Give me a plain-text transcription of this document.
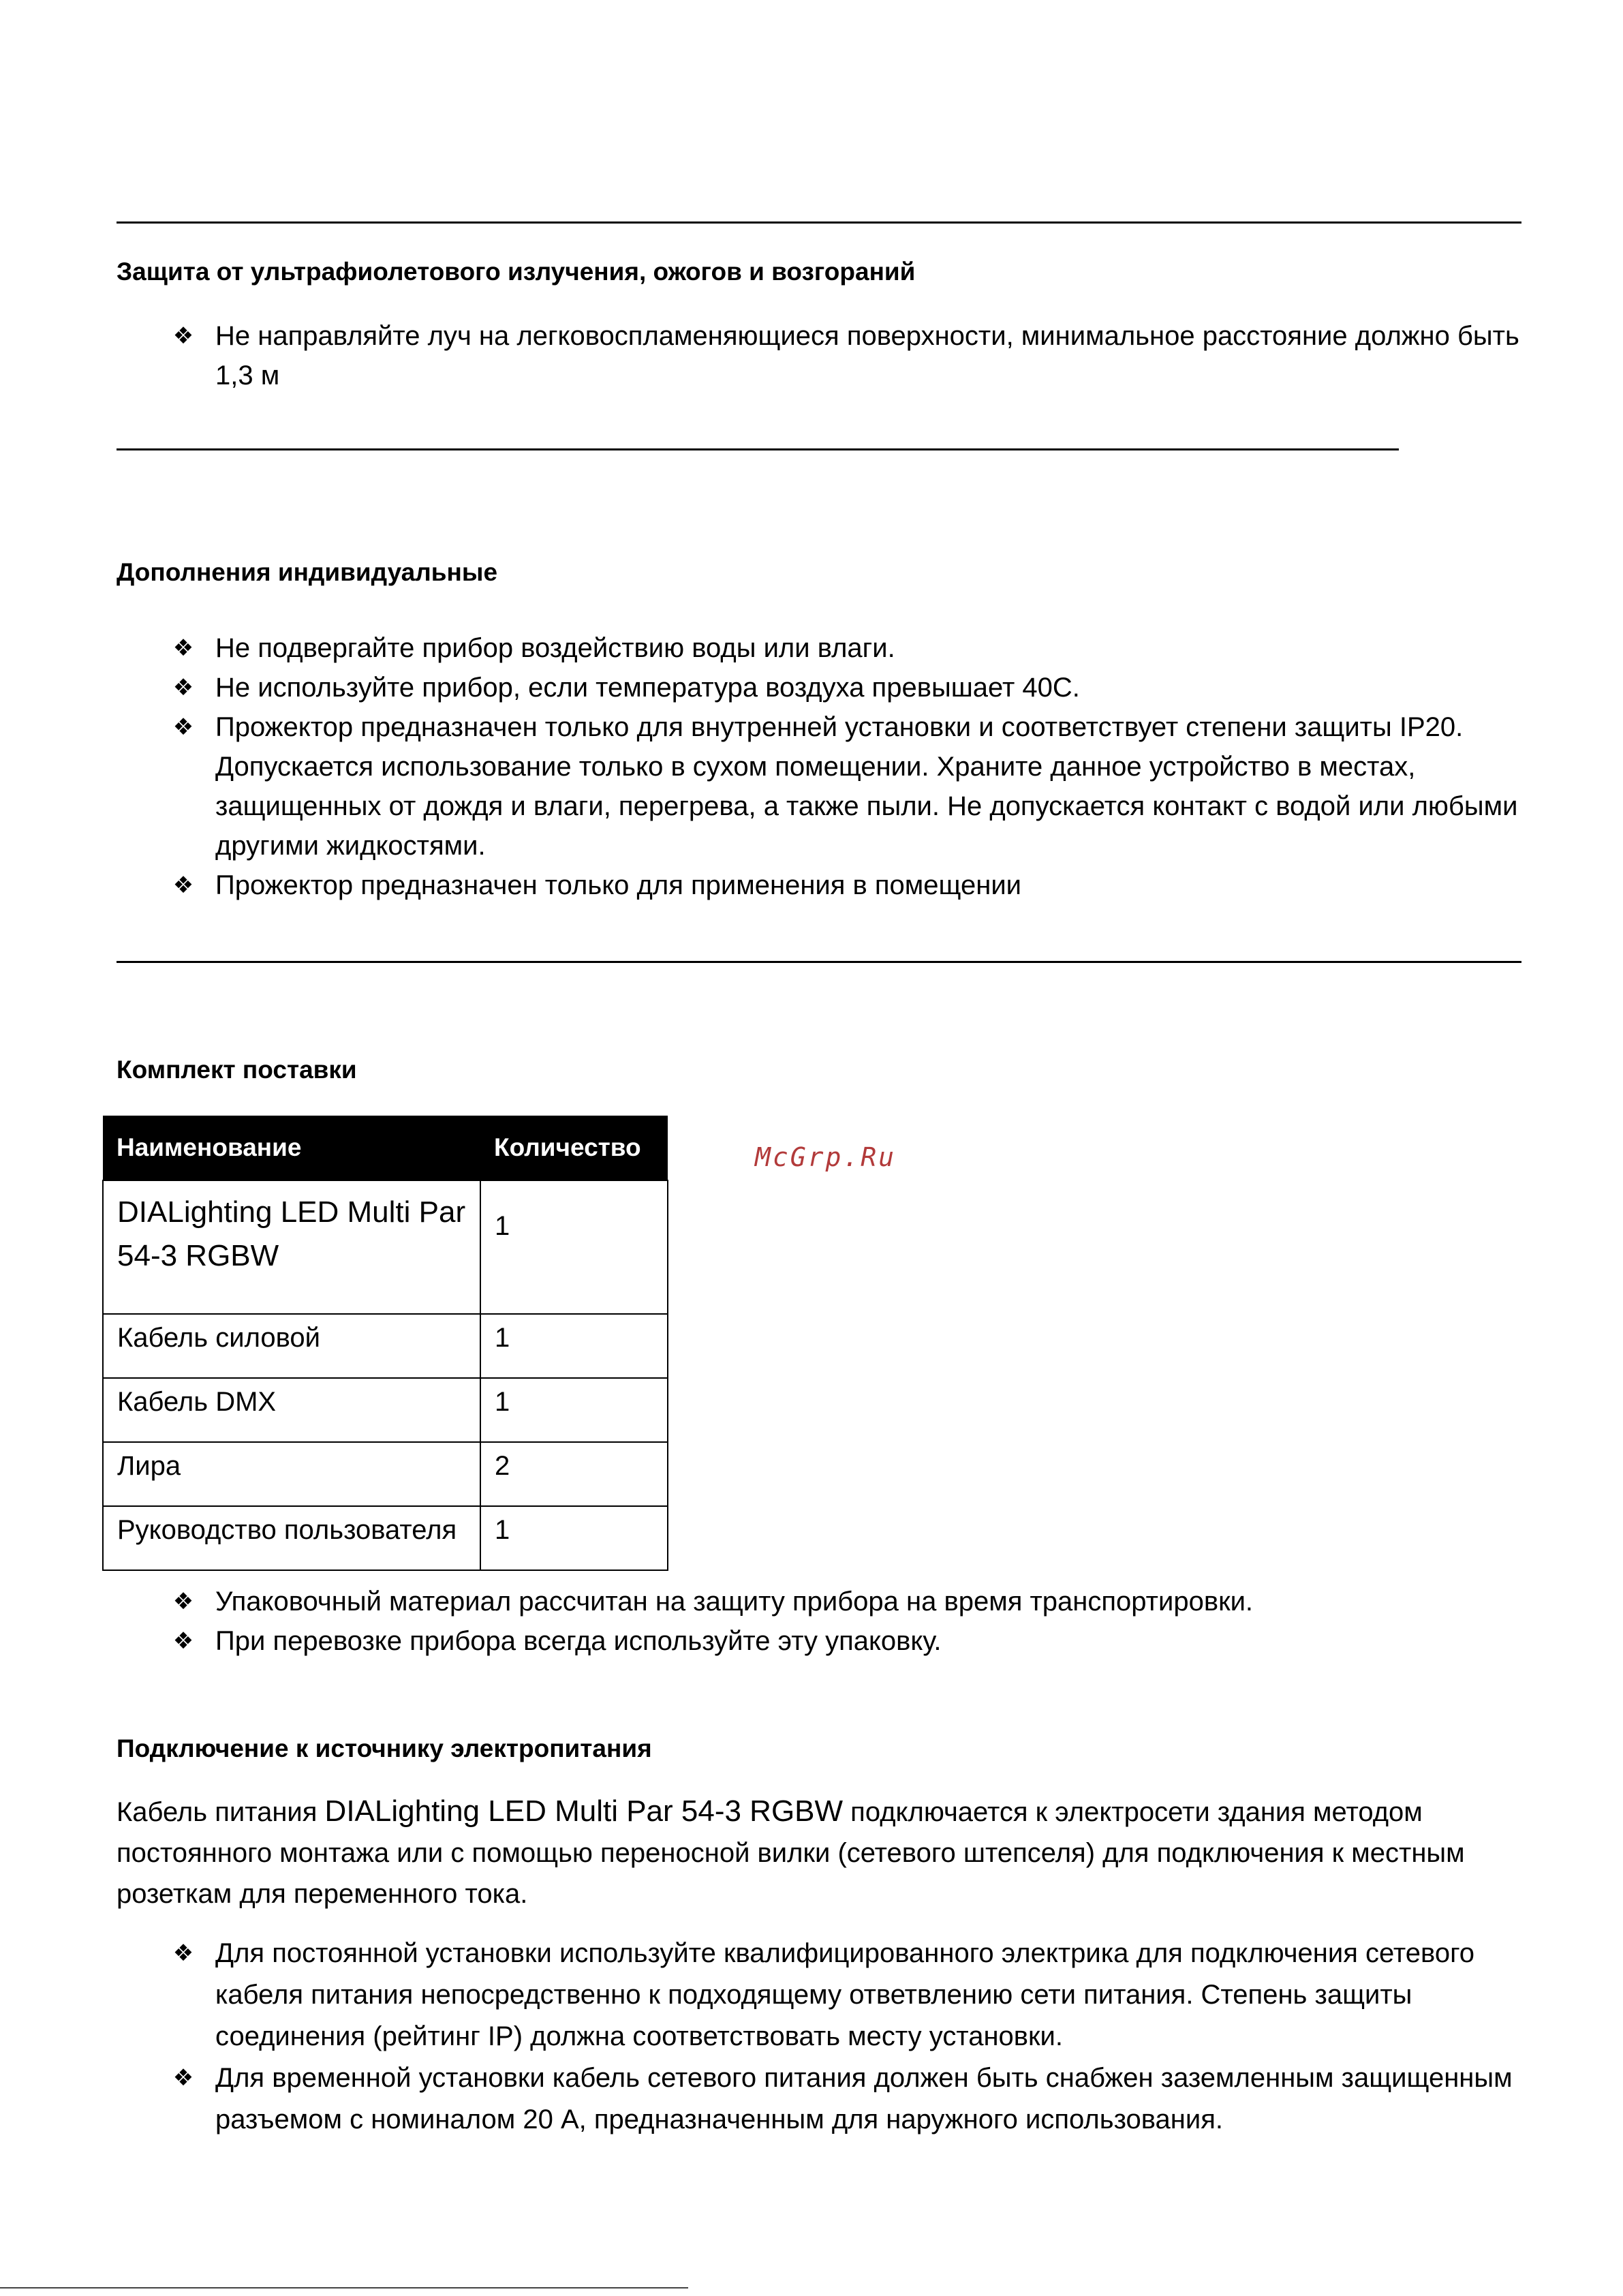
Защита от ультрафиолетового излучения, ожогов и возгораний
❖ Не направляйте луч на легковоспламеняющиеся поверхности, минимальное расстояние должно быть 1,3 м
Дополнения индивидуальные
❖ Не подвергайте прибор воздействию воды или влаги.
❖ Не используйте прибор, если температура воздуха превышает 40С.
❖ Прожектор предназначен только для внутренней установки и соответствует степени защиты IP20. Допускается использование только в сухом помещении. Храните данное устройство в местах, защищенных от дождя и влаги, перегрева, а также пыли. Не допускается контакт с водой или любыми другими жидкостями.
❖ Прожектор предназначен только для применения в помещении
Комплект поставки
Наименование	Количество
DIALighting LED Multi Par 54-3 RGBW	1
Кабель силовой	1
Кабель DMX	1
Лира	2
Руководство пользователя	1
McGrp.Ru
❖ Упаковочный материал рассчитан на защиту прибора на время транспортировки.
❖ При перевозке прибора всегда используйте эту упаковку.
Подключение к источнику электропитания

Кабель питания DIALighting LED Multi Par 54-3 RGBW подключается к электросети здания методом постоянного монтажа или с помощью переносной вилки (сетевого штепселя) для подключения к местным розеткам для переменного тока.

❖ Для постоянной установки используйте квалифицированного электрика для подключения сетевого кабеля питания непосредственно к подходящему ответвлению сети питания. Степень защиты соединения (рейтинг IP) должна соответствовать месту установки.
❖ Для временной установки кабель сетевого питания должен быть снабжен заземленным защищенным разъемом с номиналом 20 А, предназначенным для наружного использования.
